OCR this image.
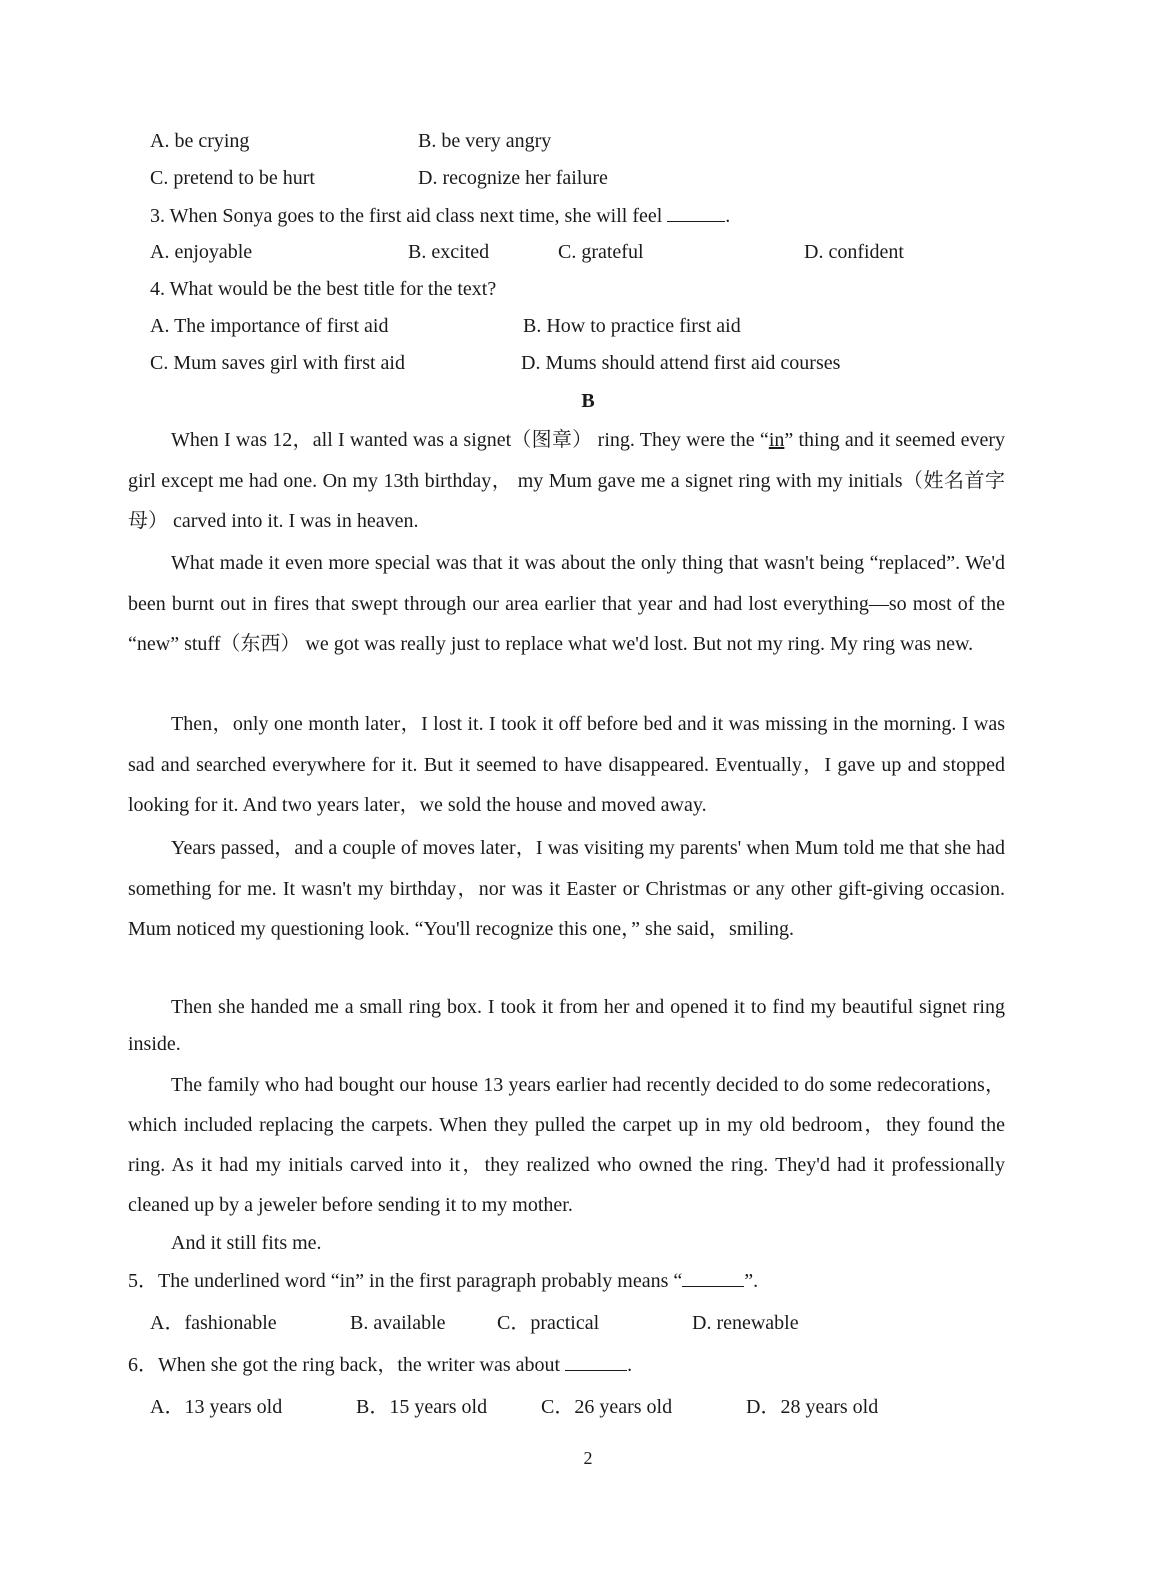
A. be crying	B. be very angry
C. pretend to be hurt	D. recognize her failure
3. When Sonya goes to the first aid class next time, she will feel	.
A. enjoyable	B. excited	C. grateful	D. confident
4. What would be the best title for the text?
A. The importance of first aid	B. How to practice first aid
C. Mum saves girl with first aid	D. Mums should attend first aid courses
B

When I was 12，all I wanted was a signet（图章） ring. They were the “in” thing and it seemed every girl except me had one. On my 13th birthday， my Mum gave me a signet ring with my initials（姓名首字母） carved into it. I was in heaven.

What made it even more special was that it was about the only thing that wasn't being “replaced”. We'd been burnt out in fires that swept through our area earlier that year and had lost everything—so most of the “new” stuff（东西） we got was really just to replace what we'd lost. But not my ring. My ring was new.

Then，only one month later，I lost it. I took it off before bed and it was missing in the morning. I was sad and searched everywhere for it. But it seemed to have disappeared. Eventually，I gave up and stopped looking for it. And two years later，we sold the house and moved away.

Years passed，and a couple of moves later，I was visiting my parents' when Mum told me that she had something for me. It wasn't my birthday，nor was it Easter or Christmas or any other gift-giving occasion. Mum noticed my questioning look. “You'll recognize this one，” she said，smiling.

Then she handed me a small ring box. I took it from her and opened it to find my beautiful signet ring inside.

The family who had bought our house 13 years earlier had recently decided to do some redecorations，which included replacing the carpets. When they pulled the carpet up in my old bedroom，they found the ring. As it had my initials carved into it，they realized who owned the ring. They'd had it professionally cleaned up by a jeweler before sending it to my mother.

And it still fits me.

5．The underlined word “in” in the first paragraph probably means “	”.
A．fashionable	B. available	C．practical	D. renewable
6．When she got the ring back，the writer was about	.
A．13 years old	B．15 years old	C．26 years old	D．28 years old
2
